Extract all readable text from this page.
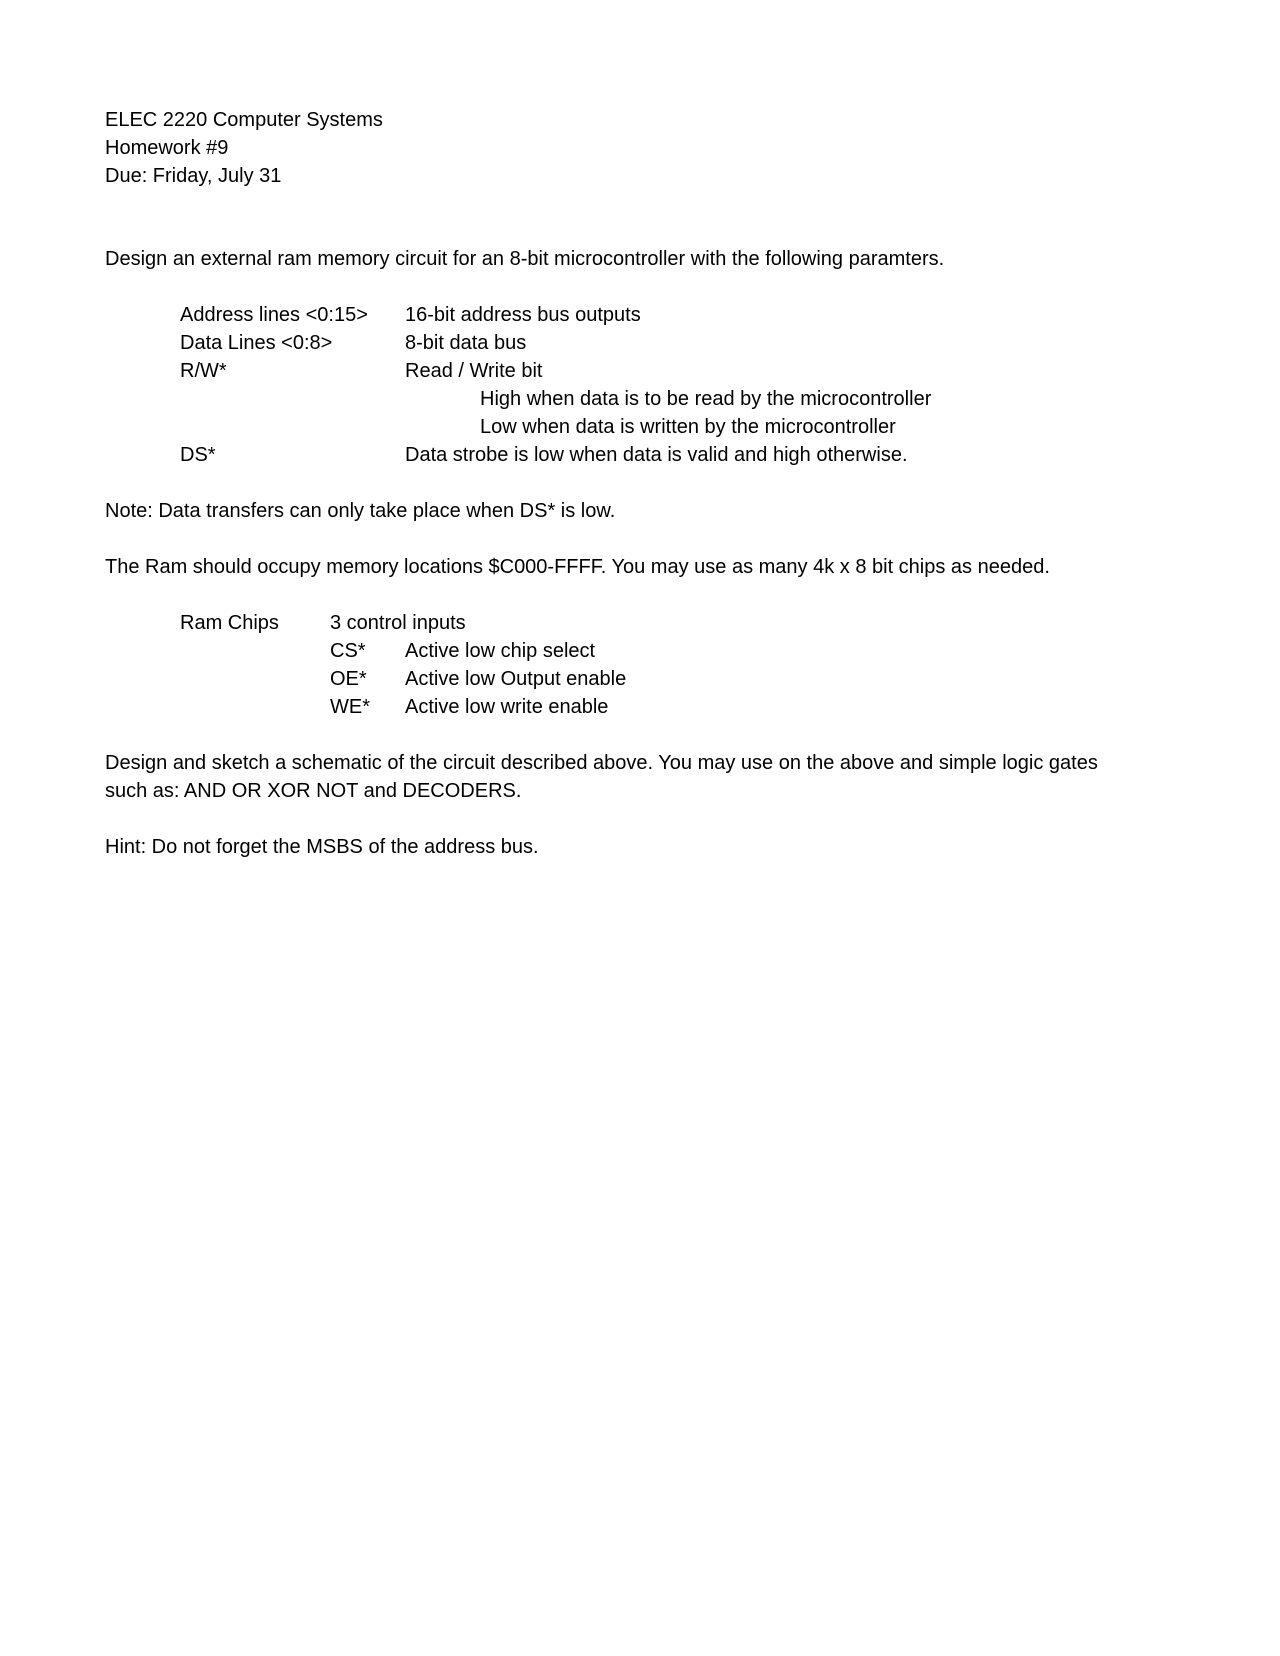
ELEC 2220 Computer Systems
Homework #9
Due: Friday, July 31
Design an external ram memory circuit for an 8-bit microcontroller with the following paramters.
Address lines <0:15> 16-bit address bus outputs
Data Lines <0:8>	8-bit data bus
R/W*	Read / Write bit
High when data is to be read by the microcontroller
Low when data is written by the microcontroller
DS*	Data strobe is low when data is valid and high otherwise.
Note: Data transfers can only take place when DS* is low.
The Ram should occupy memory locations $C000-FFFF. You may use as many 4k x 8 bit chips as needed.
Ram Chips	3 control inputs
CS* Active low chip select
OE* Active low Output enable
WE* Active low write enable
Design and sketch a schematic of the circuit described above. You may use on the above and simple logic gates
such as: AND OR XOR NOT and DECODERS.
Hint: Do not forget the MSBS of the address bus.
